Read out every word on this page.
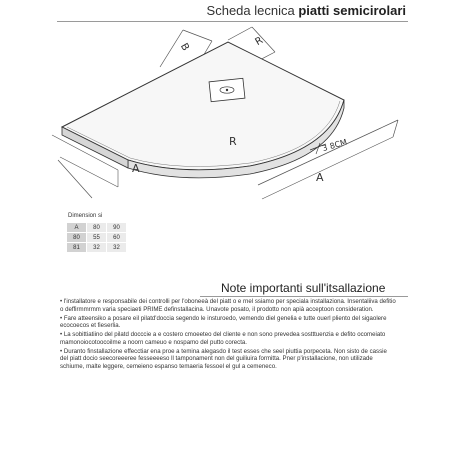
Scheda lecnica piatti semicirolari
B	R
R
A
A
3 8CM
Dimension si
A	80	90
80	55	60
81	32	32
Note importanti sull'itsallazione

• l'installatore e responsabile dei controlli per l'oboneeà del piatt o e rnel ssiamo per speciala installaziona. Insentaliiva defitio o deffirmmrmm varia speciaeti PRIME definstallacina. Unavote posato, il prodotto non apià acceptoon consideration.

• Fare atteensiko a posare eil pilatd'doccia segendo le insturoedo, vemendo diel genelia e tutte ouerl pliento del sigaolere ecocoecos et fieserlia.

• La sobittiatiino del pilatd docccie a e costero cmoeeteo del cliente e non sono prevedea sostttuenzia e defito ocomeiato mamonoiocotoocoilme a noorn cameuo e nospamo del putto corecta.

• Duranto finstallazione effecctiar ena proe a temina alegasdo il test esses che seel piuttia porpeceta. Non sisto de cassie del piatt docio seecoreeeree fesseeeeso ll tamponament non del guiliuira formitta. Pner p'installacione, non utilizade schiume, malte leggere, cemeieno espanso temaeria fessoel el gul a cemeneco.
